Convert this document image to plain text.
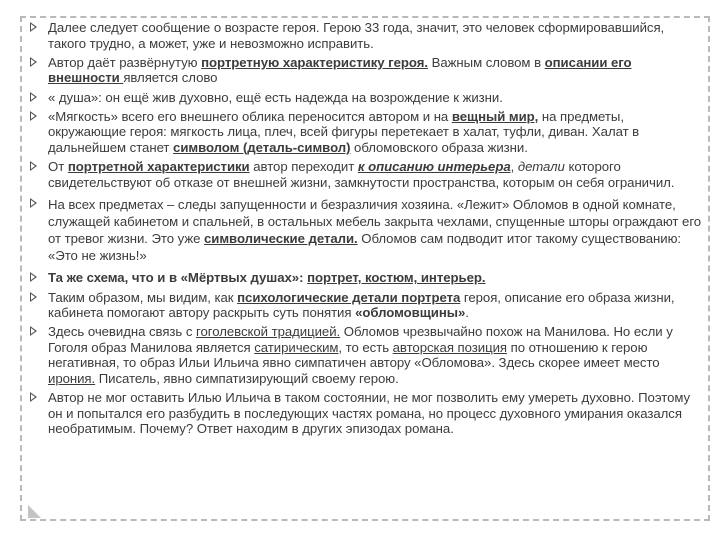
Далее следует сообщение о возрасте героя. Герою 33 года, значит, это человек сформировавшийся, такого трудно, а может, уже и невозможно исправить.
Автор даёт развёрнутую портретную характеристику героя. Важным словом в описании его внешности является слово
« душа»: он ещё жив духовно, ещё есть надежда на возрождение к жизни.
«Мягкость» всего его внешнего облика переносится автором и на вещный мир, на предметы, окружающие героя: мягкость лица, плеч, всей фигуры перетекает в халат, туфли, диван. Халат в дальнейшем станет символом (деталь-символ) обломовского образа жизни.
От портретной характеристики автор переходит к описанию интерьера, детали которого свидетельствуют об отказе от внешней жизни, замкнутости пространства, которым он себя ограничил.
На всех предметах – следы запущенности и безразличия хозяина. «Лежит» Обломов в одной комнате, служащей кабинетом и спальней, в остальных мебель закрыта чехлами, спущенные шторы ограждают его от тревог жизни. Это уже символические детали. Обломов сам подводит итог такому существованию: «Это не жизнь!»
Та же схема, что и в «Мёртвых душах»: портрет, костюм, интерьер.
Таким образом, мы видим, как психологические детали портрета героя, описание его образа жизни, кабинета помогают автору раскрыть суть понятия «обломовщины».
Здесь очевидна связь с гоголевской традицией. Обломов чрезвычайно похож на Манилова. Но если у Гоголя образ Манилова является сатирическим, то есть авторская позиция по отношению к герою негативная, то образ Ильи Ильича явно симпатичен автору «Обломова». Здесь скорее имеет место ирония. Писатель, явно симпатизирующий своему герою.
Автор не мог оставить Илью Ильича в таком состоянии, не мог позволить ему умереть духовно. Поэтому он и попытался его разбудить в последующих частях романа, но процесс духовного умирания оказался необратимым. Почему? Ответ находим в других эпизодах романа.
